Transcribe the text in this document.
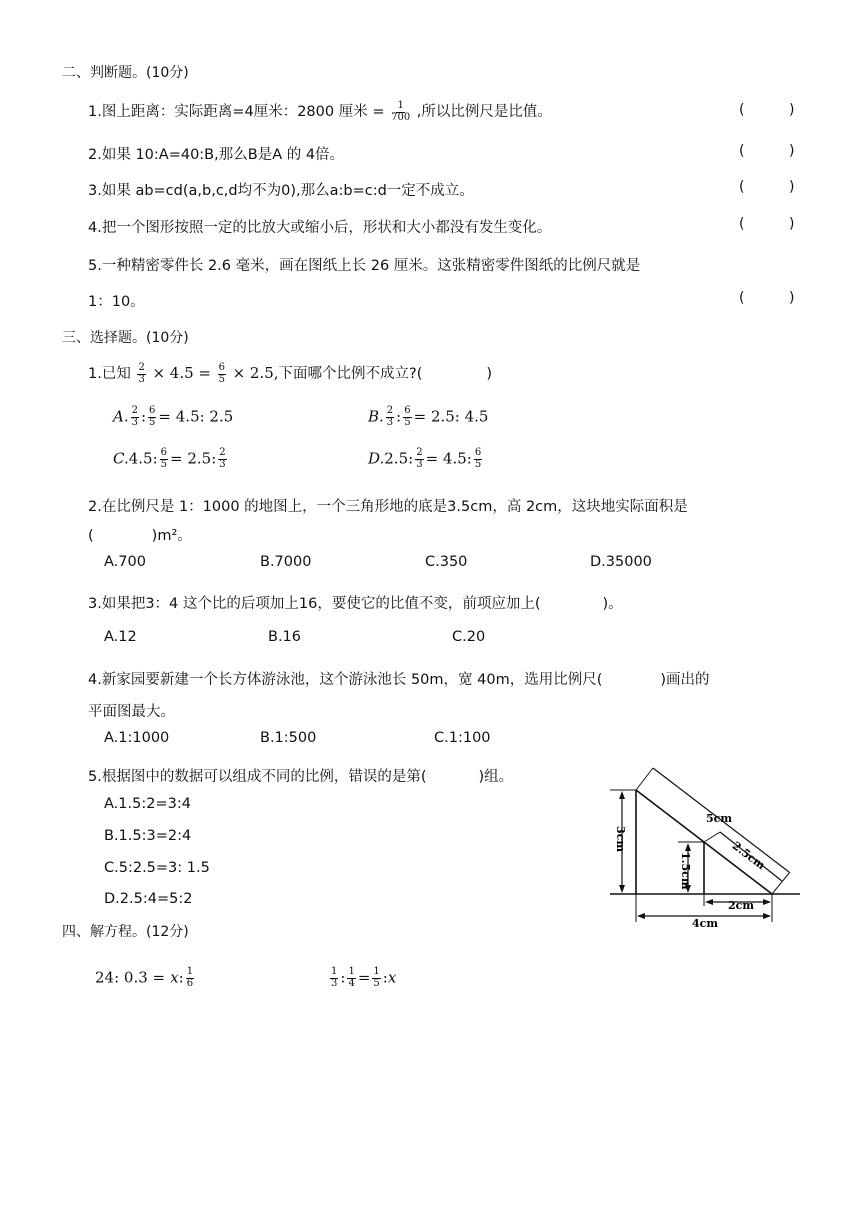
二、判断题。(10分)
1.图上距离：实际距离=4厘米：2800 厘米 = $\frac{1}{700}$ ,所以比例尺是比值。	(	)
2.如果 10:A=40:B,那么B是A 的 4倍。	(	)
3.如果 ab=cd(a,b,c,d均不为0),那么a:b=c:d一定不成立。	(	)
4.把一个图形按照一定的比放大或缩小后，形状和大小都没有发生变化。	(	)
5.一种精密零件长 2.6 毫米，画在图纸上长 26 厘米。这张精密零件图纸的比例尺就是
1：10。	(	)
三、选择题。(10分)
1.已知 $\frac{2}{3} \times 4.5 = \frac{6}{5} \times 2.5$,下面哪个比例不成立?(	)
A. $\frac{2}{3}$ : $\frac{6}{5} = 4.5$: 2.5	B. $\frac{2}{3}$ : $\frac{6}{5} = 2.5$: 4.5
C.4.5: $\frac{6}{5} = 2.5$: $\frac{2}{3}$	D.2.5: $\frac{2}{3} = 4.5$: $\frac{6}{5}$
2.在比例尺是 1：1000 的地图上，一个三角形地的底是3.5cm，高 2cm，这块地实际面积是
(	)m²。
A.700	B.7000	C.350	D.35000
3.如果把3：4 这个比的后项加上16，要使它的比值不变，前项应加上(	)。
A.12	B.16	C.20
4.新家园要新建一个长方体游泳池，这个游泳池长 50m，宽 40m，选用比例尺(	)画出的
平面图最大。
A.1:1000	B.1:500	C.1:100
5.根据图中的数据可以组成不同的比例，错误的是第(	)组。
A.1.5:2=3:4
B.1.5:3=2:4
C.5:2.5=3: 1.5
D.2.5:4=5:2
5cm
2.5cm
3cm
1.5cm
2cm
4cm
四、解方程。(12分)
24: 0.3 = x: $\frac{1}{6}$	$\frac{1}{3}$ : $\frac{1}{4} = \frac{1}{5}$ :x
